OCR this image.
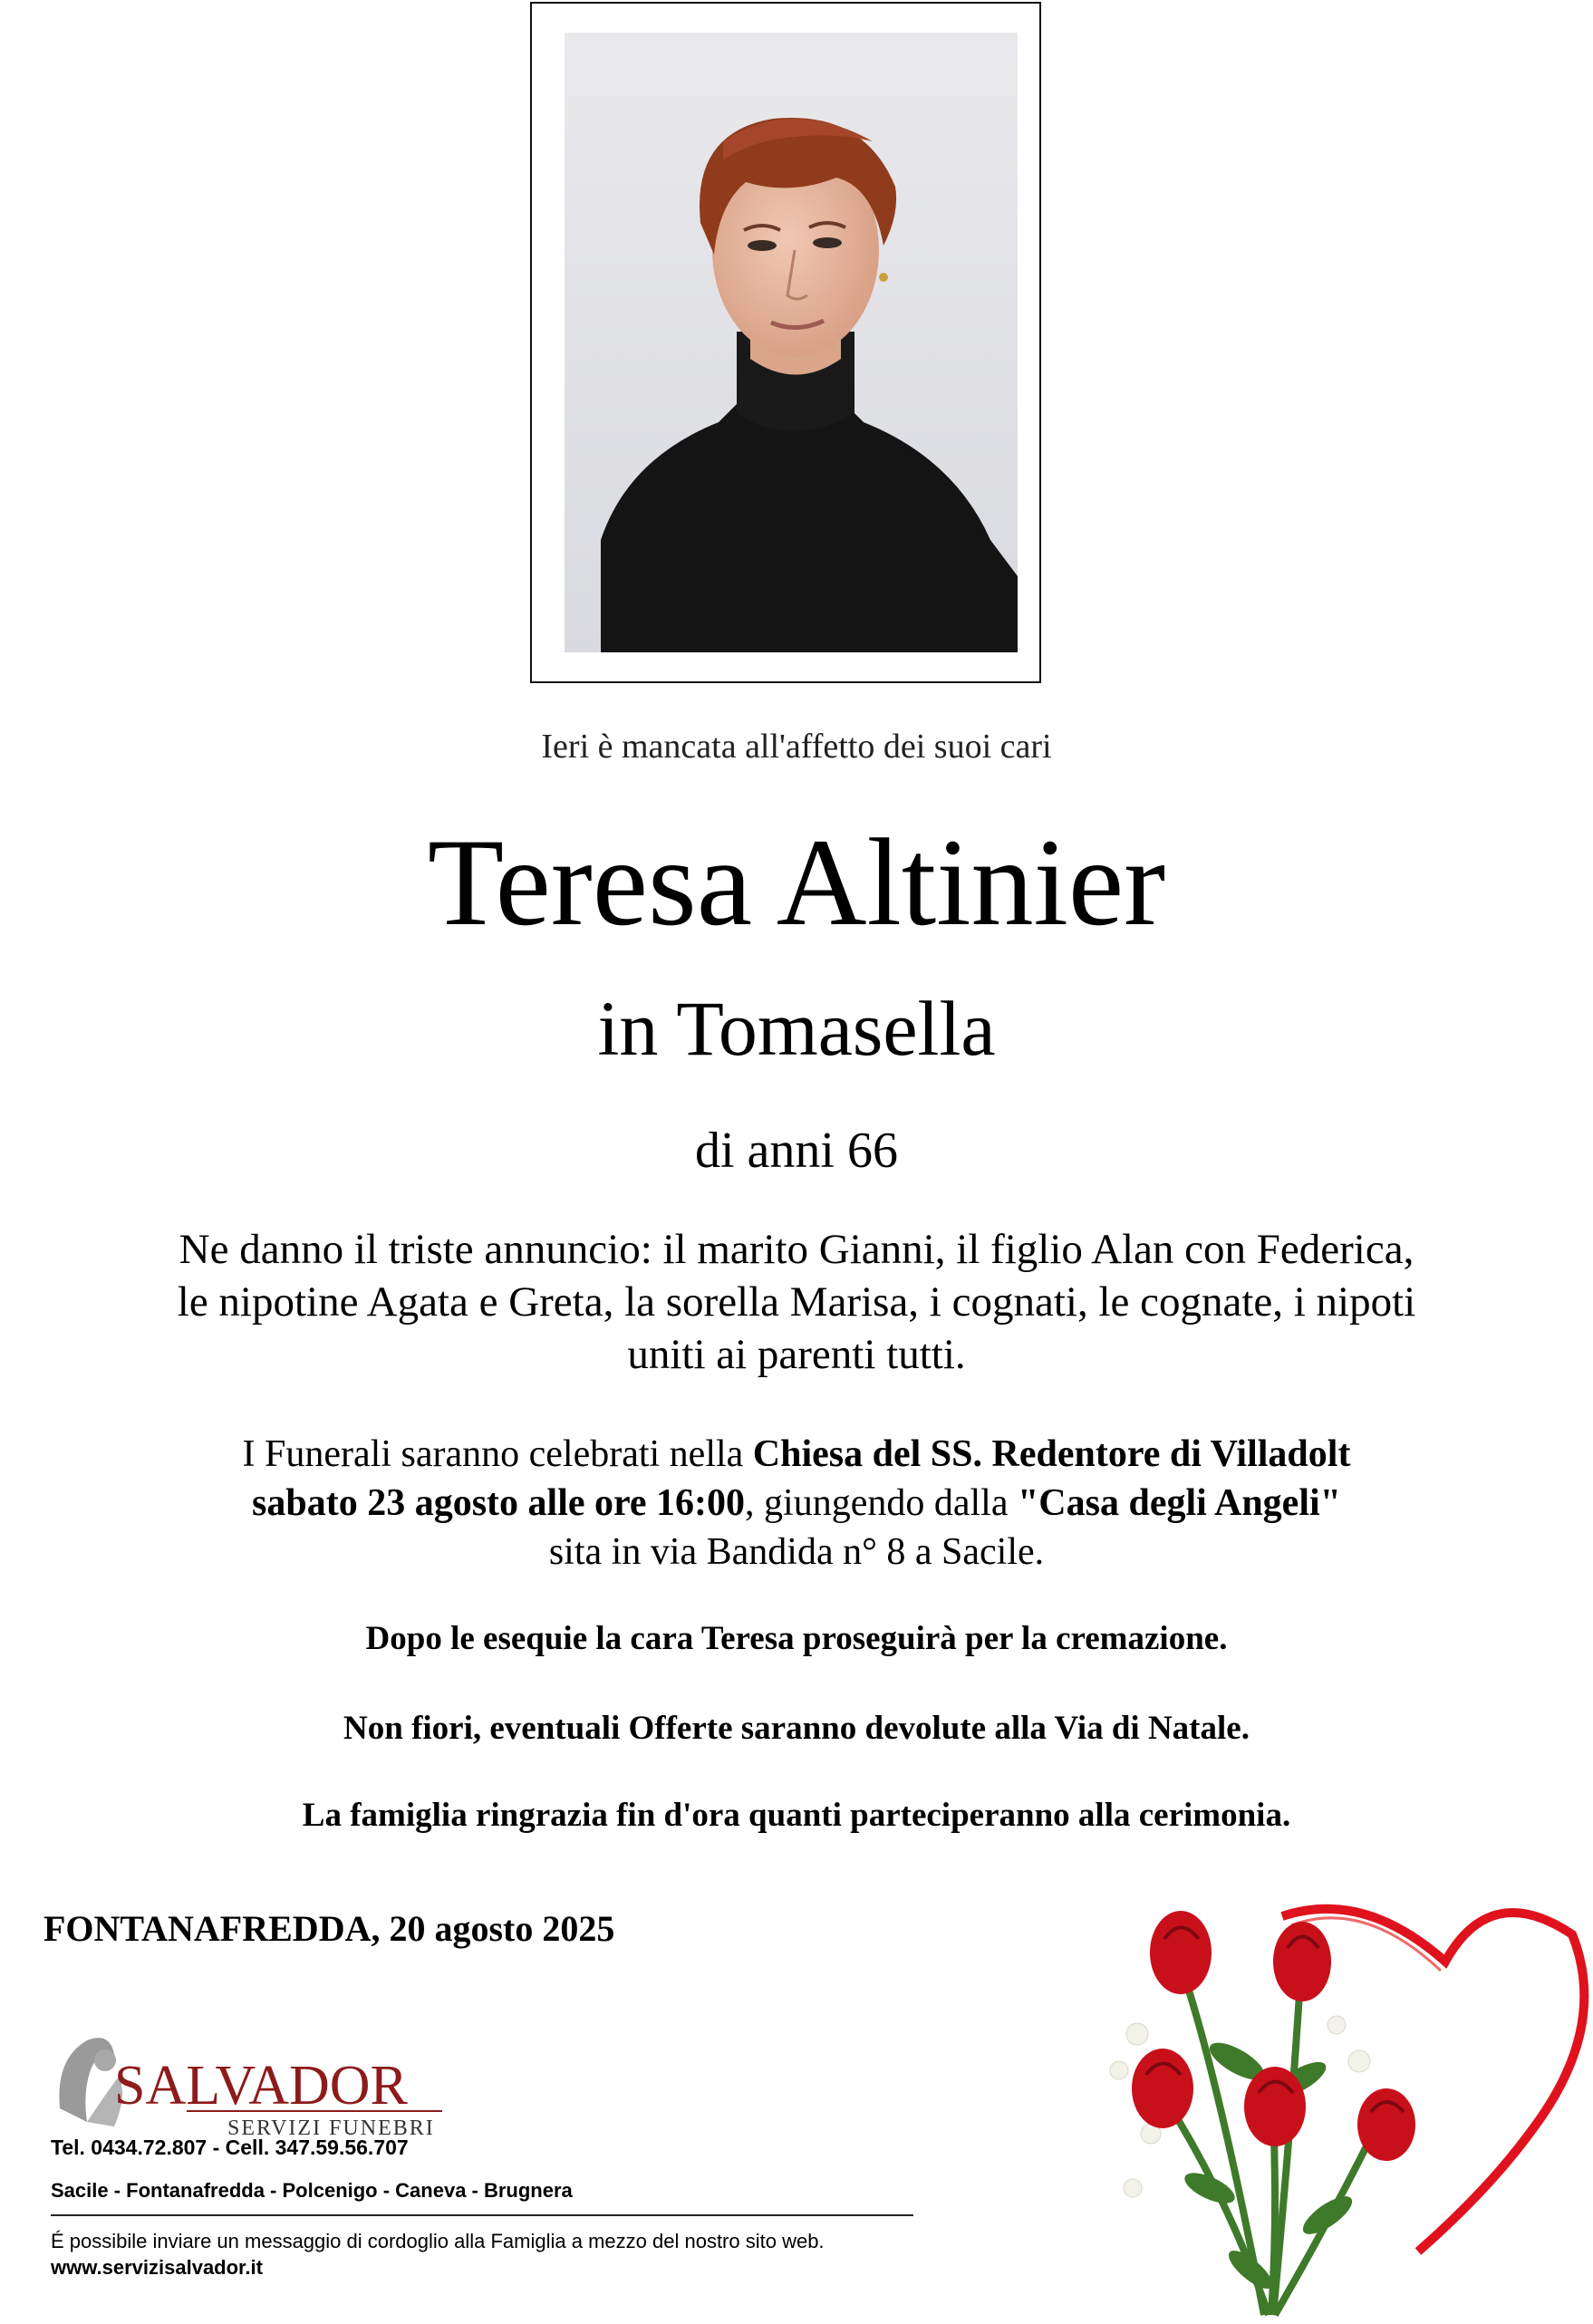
Ieri è mancata all'affetto dei suoi cari
Teresa Altinier
in Tomasella
di anni 66
Ne danno il triste annuncio: il marito Gianni, il figlio Alan con Federica,
le nipotine Agata e Greta, la sorella Marisa, i cognati, le cognate, i nipoti
uniti ai parenti tutti.
I Funerali saranno celebrati nella Chiesa del SS. Redentore di Villadolt
sabato 23 agosto alle ore 16:00, giungendo dalla "Casa degli Angeli"
sita in via Bandida n° 8 a Sacile.
Dopo le esequie la cara Teresa proseguirà per la cremazione.
Non fiori, eventuali Offerte saranno devolute alla Via di Natale.
La famiglia ringrazia fin d'ora quanti parteciperanno alla cerimonia.
FONTANAFREDDA, 20 agosto 2025
SALVADOR
SERVIZI FUNEBRI
Tel. 0434.72.807 - Cell. 347.59.56.707
Sacile - Fontanafredda - Polcenigo - Caneva - Brugnera
É possibile inviare un messaggio di cordoglio alla Famiglia a mezzo del nostro sito web.
www.servizisalvador.it
